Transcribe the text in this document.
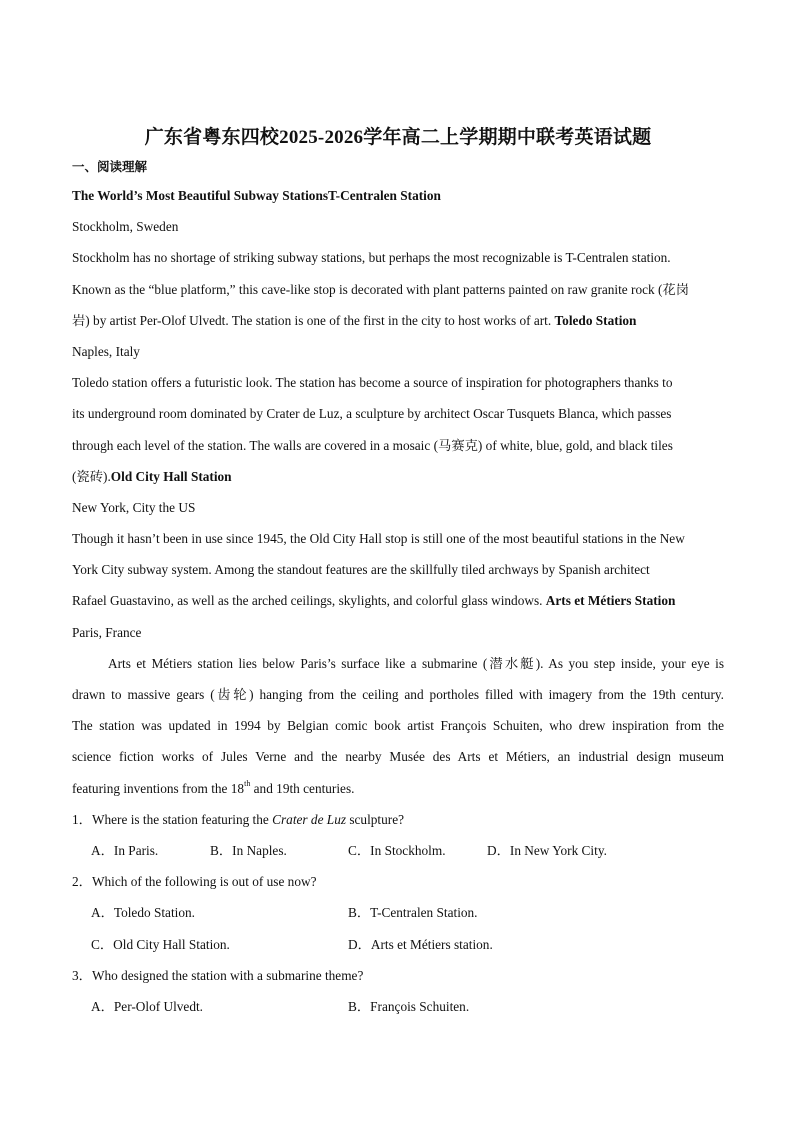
广东省粤东四校2025-2026学年高二上学期期中联考英语试题
一、阅读理解
The World’s Most Beautiful Subway StationsT-Centralen Station
Stockholm, Sweden
Stockholm has no shortage of striking subway stations, but perhaps the most recognizable is T-Centralen station.
Known as the “blue platform,” this cave-like stop is decorated with plant patterns painted on raw granite rock (花岗
岩) by artist Per-Olof Ulvedt. The station is one of the first in the city to host works of art. Toledo Station
Naples, Italy
Toledo station offers a futuristic look. The station has become a source of inspiration for photographers thanks to
its underground room dominated by Crater de Luz, a sculpture by architect Oscar Tusquets Blanca, which passes
through each level of the station. The walls are covered in a mosaic (马赛克) of white, blue, gold, and black tiles
(瓷砖).Old City Hall Station
New York, City the US
Though it hasn’t been in use since 1945, the Old City Hall stop is still one of the most beautiful stations in the New
York City subway system. Among the standout features are the skillfully tiled archways by Spanish architect
Rafael Guastavino, as well as the arched ceilings, skylights, and colorful glass windows. Arts et Métiers Station
Paris, France
Arts et Métiers station lies below Paris’s surface like a submarine (潜水艇). As you step inside, your eye is
drawn to massive gears (齿轮) hanging from the ceiling and portholes filled with imagery from the 19th century.
The station was updated in 1994 by Belgian comic book artist François Schuiten, who drew inspiration from the
science fiction works of Jules Verne and the nearby Musée des Arts et Métiers, an industrial design museum
featuring inventions from the 18th and 19th centuries.
1．Where is the station featuring the Crater de Luz sculpture?
A．In Paris.	B．In Naples.	C．In Stockholm.	D．In New York City.
2．Which of the following is out of use now?
A．Toledo Station.	B．T-Centralen Station.
C．Old City Hall Station.	D．Arts et Métiers station.
3．Who designed the station with a submarine theme?
A．Per-Olof Ulvedt.	B．François Schuiten.
